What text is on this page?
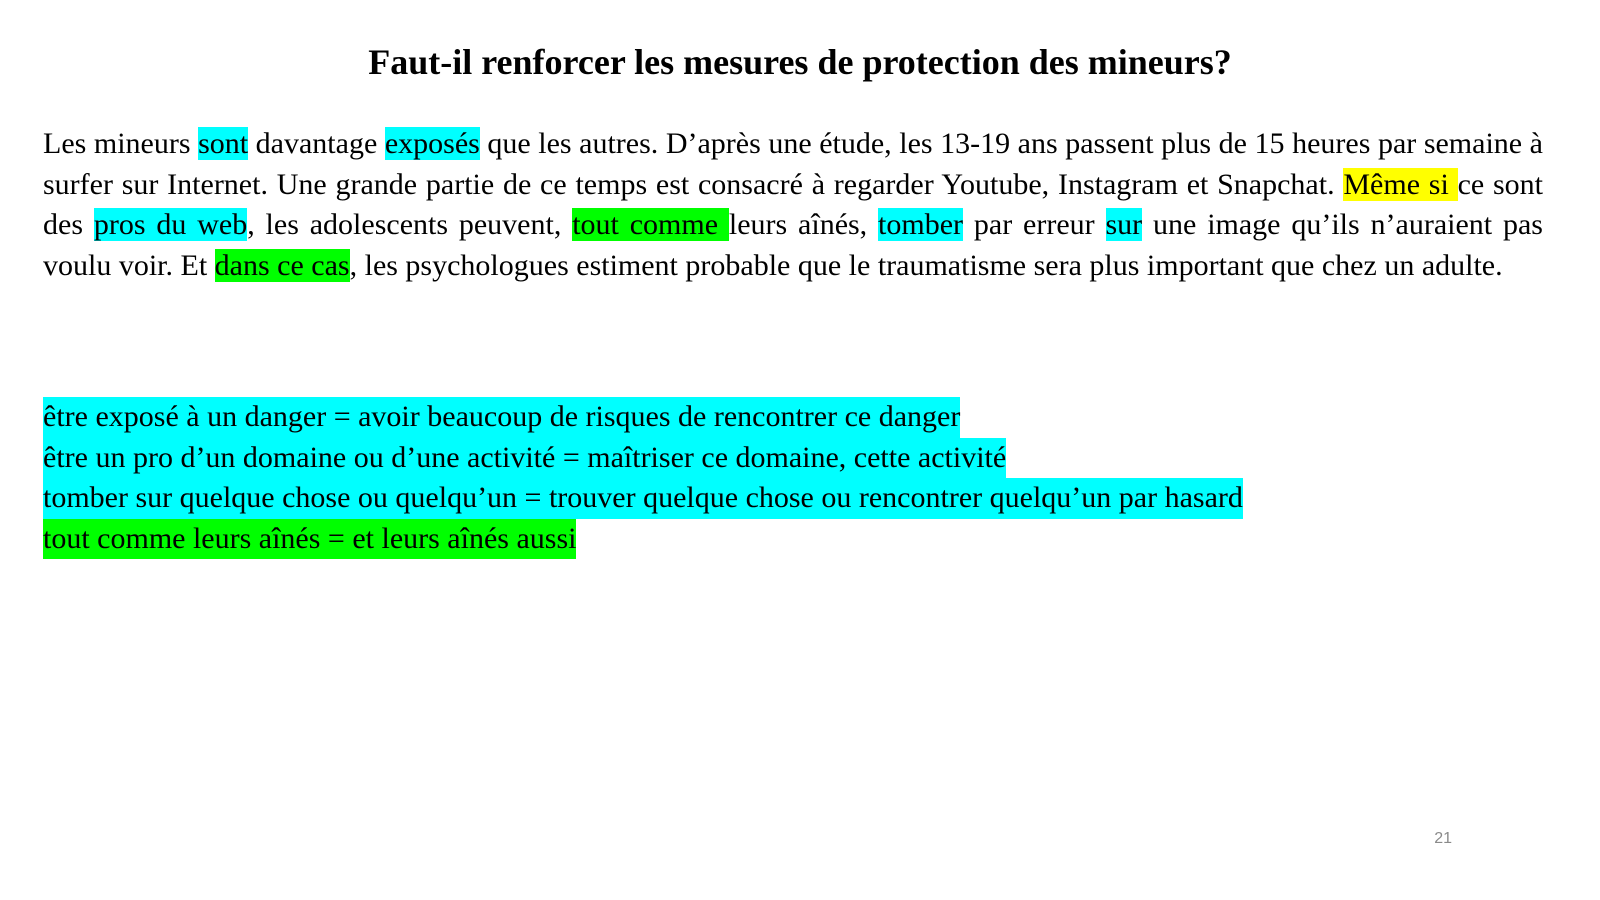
Faut-il renforcer les mesures de protection des mineurs?

Les mineurs sont davantage exposés que les autres. D’après une étude, les 13-19 ans passent plus de 15 heures par semaine à surfer sur Internet. Une grande partie de ce temps est consacré à regarder Youtube, Instagram et Snapchat. Même si ce sont des pros du web, les adolescents peuvent, tout comme leurs aînés, tomber par erreur sur une image qu’ils n’auraient pas voulu voir. Et dans ce cas, les psychologues estiment probable que le traumatisme sera plus important que chez un adulte.

être exposé à un danger = avoir beaucoup de risques de rencontrer ce danger
être un pro d’un domaine ou d’une activité = maîtriser ce domaine, cette activité
tomber sur quelque chose ou quelqu’un = trouver quelque chose ou rencontrer quelqu’un par hasard
tout comme leurs aînés = et leurs aînés aussi
21
